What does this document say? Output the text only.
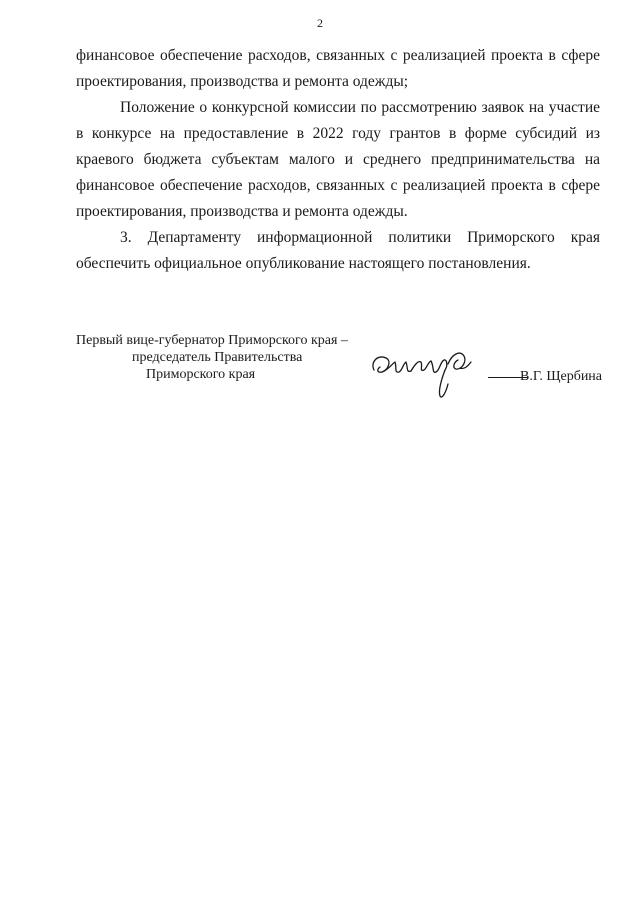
2

финансовое обеспечение расходов, связанных с реализацией проекта в сфере проектирования, производства и ремонта одежды;

Положение о конкурсной комиссии по рассмотрению заявок на участие в конкурсе на предоставление в 2022 году грантов в форме субсидий из краевого бюджета субъектам малого и среднего предпринимательства на финансовое обеспечение расходов, связанных с реализацией проекта в сфере проектирования, производства и ремонта одежды.

3. Департаменту информационной политики Приморского края обеспечить официальное опубликование настоящего постановления.

Первый вице-губернатор Приморского края –
председатель Правительства
Приморского края	В.Г. Щербина
